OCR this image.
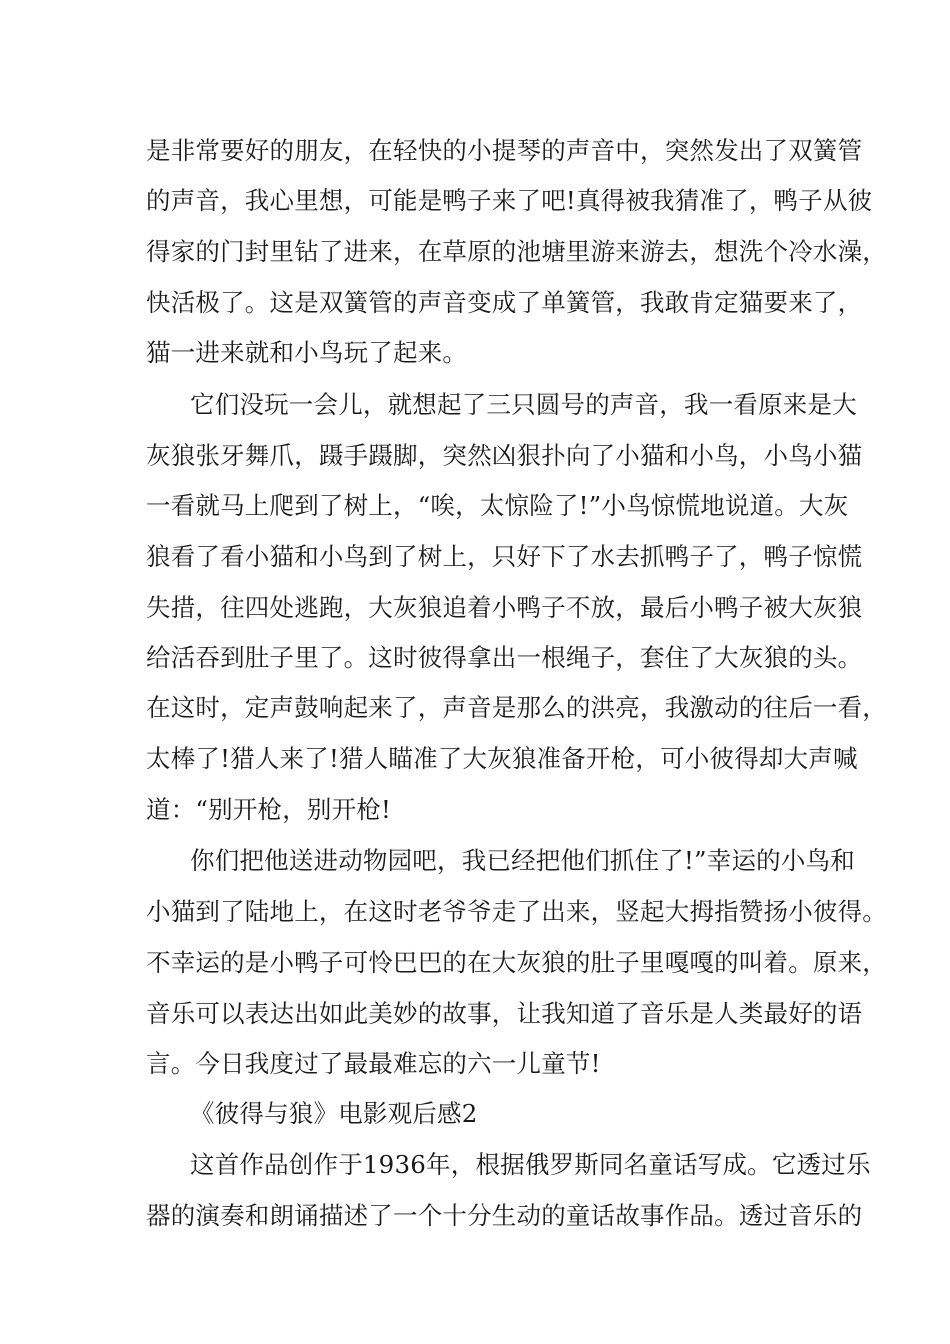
是非常要好的朋友，在轻快的小提琴的声音中，突然发出了双簧管
的声音，我心里想，可能是鸭子来了吧!真得被我猜准了，鸭子从彼
得家的门封里钻了进来，在草原的池塘里游来游去，想洗个冷水澡，
快活极了。这是双簧管的声音变成了单簧管，我敢肯定猫要来了，
猫一进来就和小鸟玩了起来。
它们没玩一会儿，就想起了三只圆号的声音，我一看原来是大
灰狼张牙舞爪，蹑手蹑脚，突然凶狠扑向了小猫和小鸟，小鸟小猫
一看就马上爬到了树上，“唉，太惊险了!”小鸟惊慌地说道。大灰
狼看了看小猫和小鸟到了树上，只好下了水去抓鸭子了，鸭子惊慌
失措，往四处逃跑，大灰狼追着小鸭子不放，最后小鸭子被大灰狼
给活吞到肚子里了。这时彼得拿出一根绳子，套住了大灰狼的头。
在这时，定声鼓响起来了，声音是那么的洪亮，我激动的往后一看，
太棒了!猎人来了!猎人瞄准了大灰狼准备开枪，可小彼得却大声喊
道：“别开枪，别开枪!
你们把他送进动物园吧，我已经把他们抓住了!”幸运的小鸟和
小猫到了陆地上，在这时老爷爷走了出来，竖起大拇指赞扬小彼得。
不幸运的是小鸭子可怜巴巴的在大灰狼的肚子里嘎嘎的叫着。原来，
音乐可以表达出如此美妙的故事，让我知道了音乐是人类最好的语
言。今日我度过了最最难忘的六一儿童节!
《彼得与狼》电影观后感2
这首作品创作于1936年，根据俄罗斯同名童话写成。它透过乐
器的演奏和朗诵描述了一个十分生动的童话故事作品。透过音乐的
